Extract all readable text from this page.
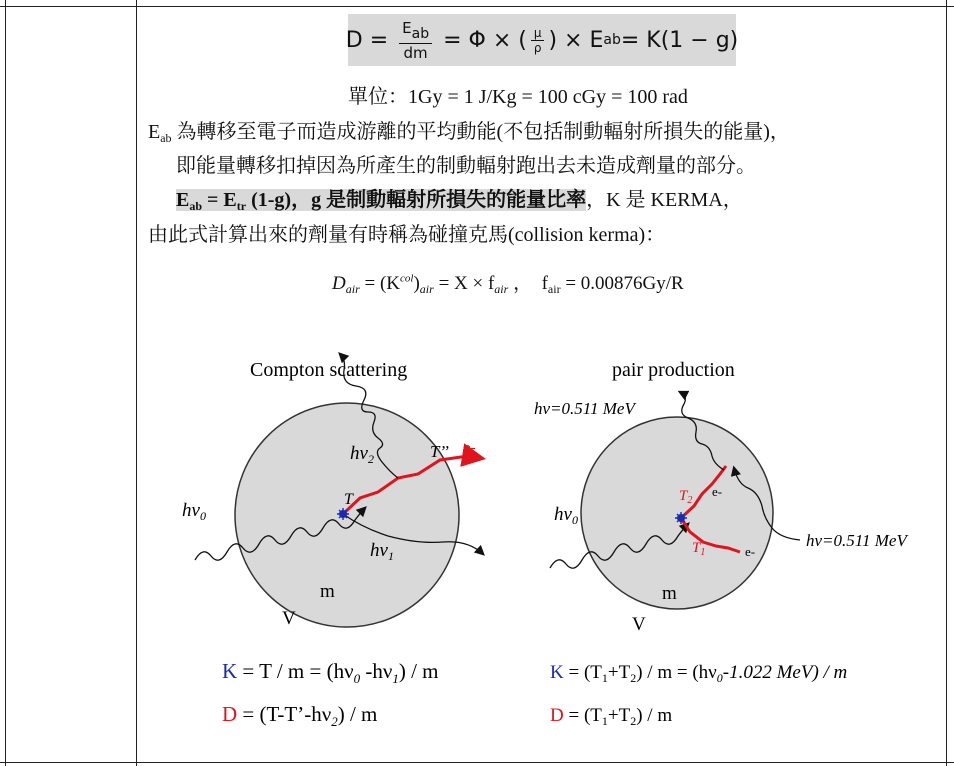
$D = \frac{\text{Eab}}{dm}$
= Φ × ( $\frac{\mu}{\rho}$ ) × E ab = K(1 − g)
單位：1Gy = 1 J/Kg = 100 cGy = 100 rad
$E_{ab}$ 為轉移至電子而造成游離的平均動能(不包括制動輻射所損失的能量)，
即能量轉移扣掉因為所產生的制動輻射跑出去未造成劑量的部分。
$E_{ab} = E_{tr}$ (1-g)，g 是制動輻射所損失的能量比率，K 是 KERMA，
由此式計算出來的劑量有時稱為碰撞克馬(collision kerma)：
$D_{air} = (K^{col})_{air} = X \times f_{air}$ ， $f_{air} = 0.00876Gy/R$
Compton scattering
$h\nu_0$
$h\nu_2$
$h\nu_1$
T
T’’ e-
m
V
pair production
hν=0.511 MeV
hν=0.511 MeV
$h\nu_0$
$T_2$
$T_1$
e-
e-
m
V
$K = T / m = (h\nu_0$ $-h\nu_1$) / m
$D = (T-T’-h\nu_2) / m$
$K = (T_1+T_2) / m = (h\nu_0-1.022$ MeV) / m
$D = (T_1+T_2) / m$
